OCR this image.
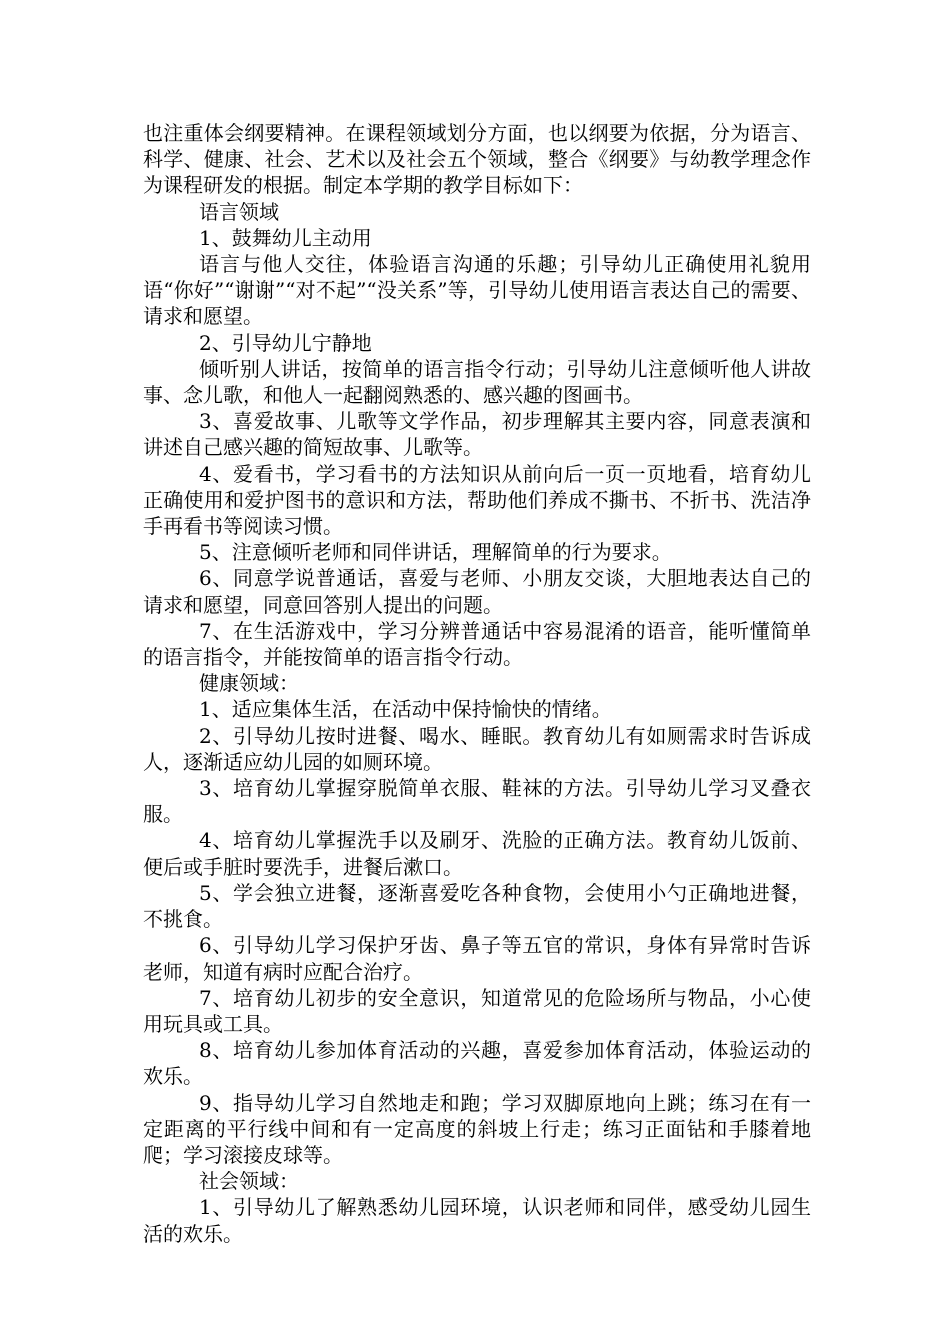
也注重体会纲要精神。在课程领域划分方面，也以纲要为依据，分为语言、科学、健康、社会、艺术以及社会五个领域，整合《纲要》与幼教学理念作为课程研发的根据。制定本学期的教学目标如下：

语言领域

1、鼓舞幼儿主动用

语言与他人交往，体验语言沟通的乐趣；引导幼儿正确使用礼貌用语“你好”“谢谢”“对不起”“没关系”等，引导幼儿使用语言表达自己的需要、请求和愿望。

2、引导幼儿宁静地

倾听别人讲话，按简单的语言指令行动；引导幼儿注意倾听他人讲故事、念儿歌，和他人一起翻阅熟悉的、感兴趣的图画书。

3、喜爱故事、儿歌等文学作品，初步理解其主要内容，同意表演和讲述自己感兴趣的简短故事、儿歌等。

4、爱看书，学习看书的方法知识从前向后一页一页地看，培育幼儿正确使用和爱护图书的意识和方法，帮助他们养成不撕书、不折书、洗洁净手再看书等阅读习惯。

5、注意倾听老师和同伴讲话，理解简单的行为要求。

6、同意学说普通话，喜爱与老师、小朋友交谈，大胆地表达自己的请求和愿望，同意回答别人提出的问题。

7、在生活游戏中，学习分辨普通话中容易混淆的语音，能听懂简单的语言指令，并能按简单的语言指令行动。

健康领域：

1、适应集体生活，在活动中保持愉快的情绪。

2、引导幼儿按时进餐、喝水、睡眠。教育幼儿有如厕需求时告诉成人，逐渐适应幼儿园的如厕环境。

3、培育幼儿掌握穿脱简单衣服、鞋袜的方法。引导幼儿学习叉叠衣服。

4、培育幼儿掌握洗手以及刷牙、洗脸的正确方法。教育幼儿饭前、便后或手脏时要洗手，进餐后漱口。

5、学会独立进餐，逐渐喜爱吃各种食物，会使用小勺正确地进餐，不挑食。

6、引导幼儿学习保护牙齿、鼻子等五官的常识，身体有异常时告诉老师，知道有病时应配合治疗。

7、培育幼儿初步的安全意识，知道常见的危险场所与物品，小心使用玩具或工具。

8、培育幼儿参加体育活动的兴趣，喜爱参加体育活动，体验运动的欢乐。

9、指导幼儿学习自然地走和跑；学习双脚原地向上跳；练习在有一定距离的平行线中间和有一定高度的斜坡上行走；练习正面钻和手膝着地爬；学习滚接皮球等。

社会领域：

1、引导幼儿了解熟悉幼儿园环境，认识老师和同伴，感受幼儿园生活的欢乐。
